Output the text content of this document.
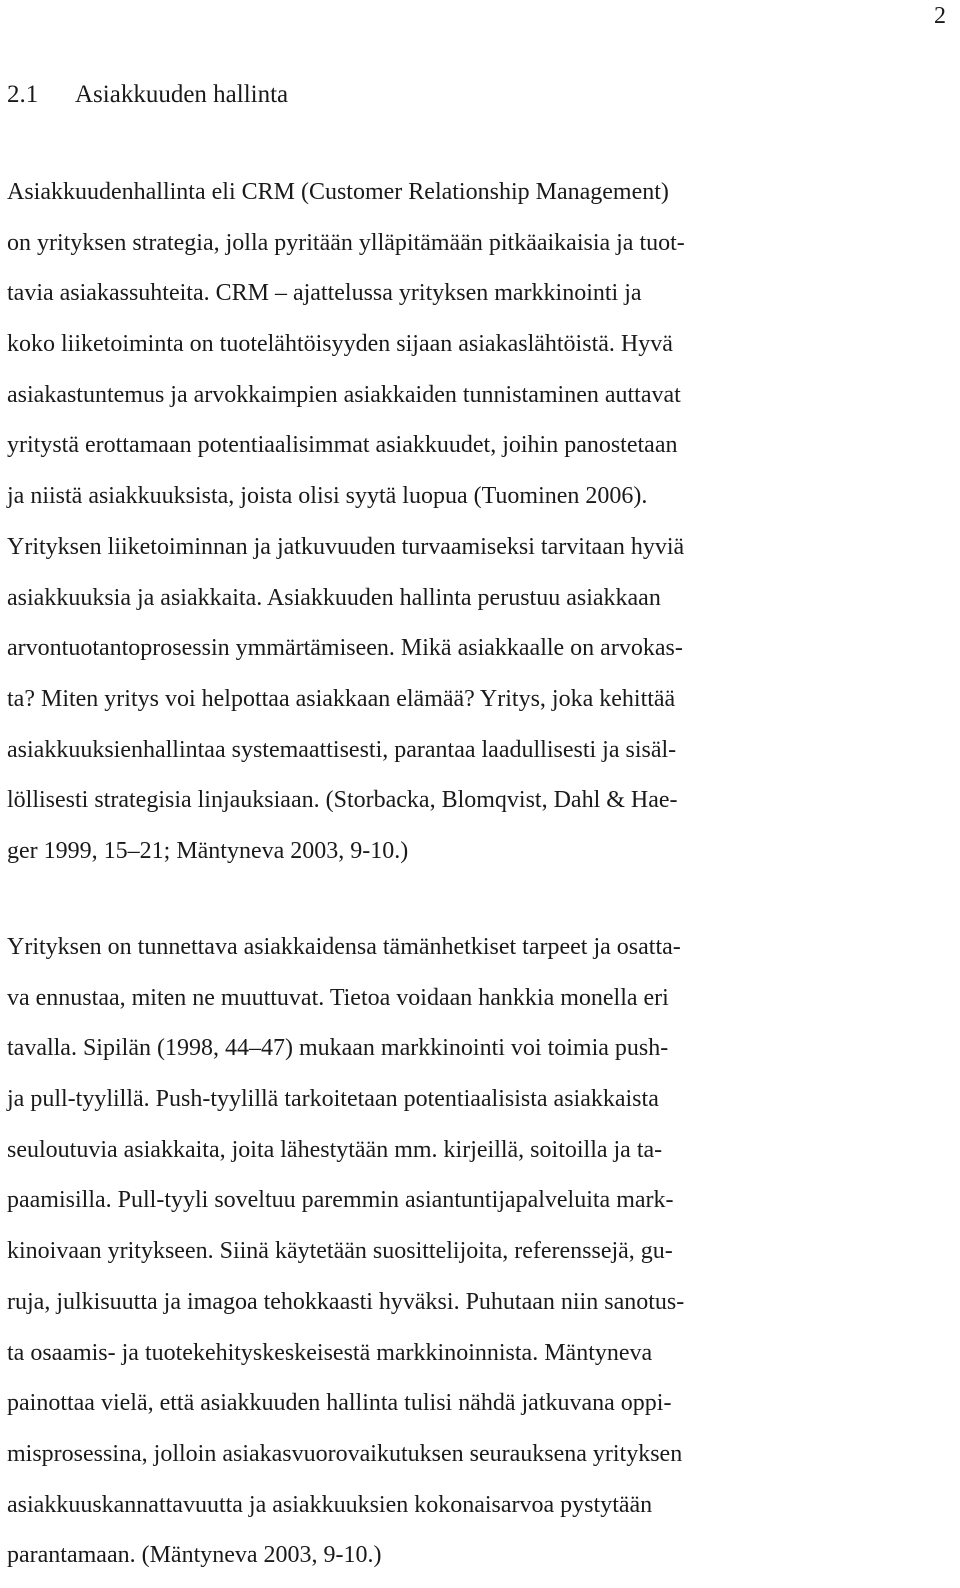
2
2.1 Asiakkuuden hallinta

Asiakkuudenhallinta eli CRM (Customer Relationship Management)
on yrityksen strategia, jolla pyritään ylläpitämään pitkäaikaisia ja tuot-
tavia asiakassuhteita. CRM – ajattelussa yrityksen markkinointi ja
koko liiketoiminta on tuotelähtöisyyden sijaan asiakaslähtöistä. Hyvä
asiakastuntemus ja arvokkaimpien asiakkaiden tunnistaminen auttavat
yritystä erottamaan potentiaalisimmat asiakkuudet, joihin panostetaan
ja niistä asiakkuuksista, joista olisi syytä luopua (Tuominen 2006).
Yrityksen liiketoiminnan ja jatkuvuuden turvaamiseksi tarvitaan hyviä
asiakkuuksia ja asiakkaita. Asiakkuuden hallinta perustuu asiakkaan
arvontuotantoprosessin ymmärtämiseen. Mikä asiakkaalle on arvokas-
ta? Miten yritys voi helpottaa asiakkaan elämää? Yritys, joka kehittää
asiakkuuksienhallintaa systemaattisesti, parantaa laadullisesti ja sisäl-
löllisesti strategisia linjauksiaan. (Storbacka, Blomqvist, Dahl & Hae-
ger 1999, 15–21; Mäntyneva 2003, 9-10.)

Yrityksen on tunnettava asiakkaidensa tämänhetkiset tarpeet ja osatta-
va ennustaa, miten ne muuttuvat. Tietoa voidaan hankkia monella eri
tavalla. Sipilän (1998, 44–47) mukaan markkinointi voi toimia push-
ja pull-tyylillä. Push-tyylillä tarkoitetaan potentiaalisista asiakkaista
seuloutuvia asiakkaita, joita lähestytään mm. kirjeillä, soitoilla ja ta-
paamisilla. Pull-tyyli soveltuu paremmin asiantuntijapalveluita mark-
kinoivaan yritykseen. Siinä käytetään suosittelijoita, referenssejä, gu-
ruja, julkisuutta ja imagoa tehokkaasti hyväksi. Puhutaan niin sanotus-
ta osaamis- ja tuotekehityskeskeisestä markkinoinnista. Mäntyneva
painottaa vielä, että asiakkuuden hallinta tulisi nähdä jatkuvana oppi-
misprosessina, jolloin asiakasvuorovaikutuksen seurauksena yrityksen
asiakkuuskannattavuutta ja asiakkuuksien kokonaisarvoa pystytään
parantamaan. (Mäntyneva 2003, 9-10.)
